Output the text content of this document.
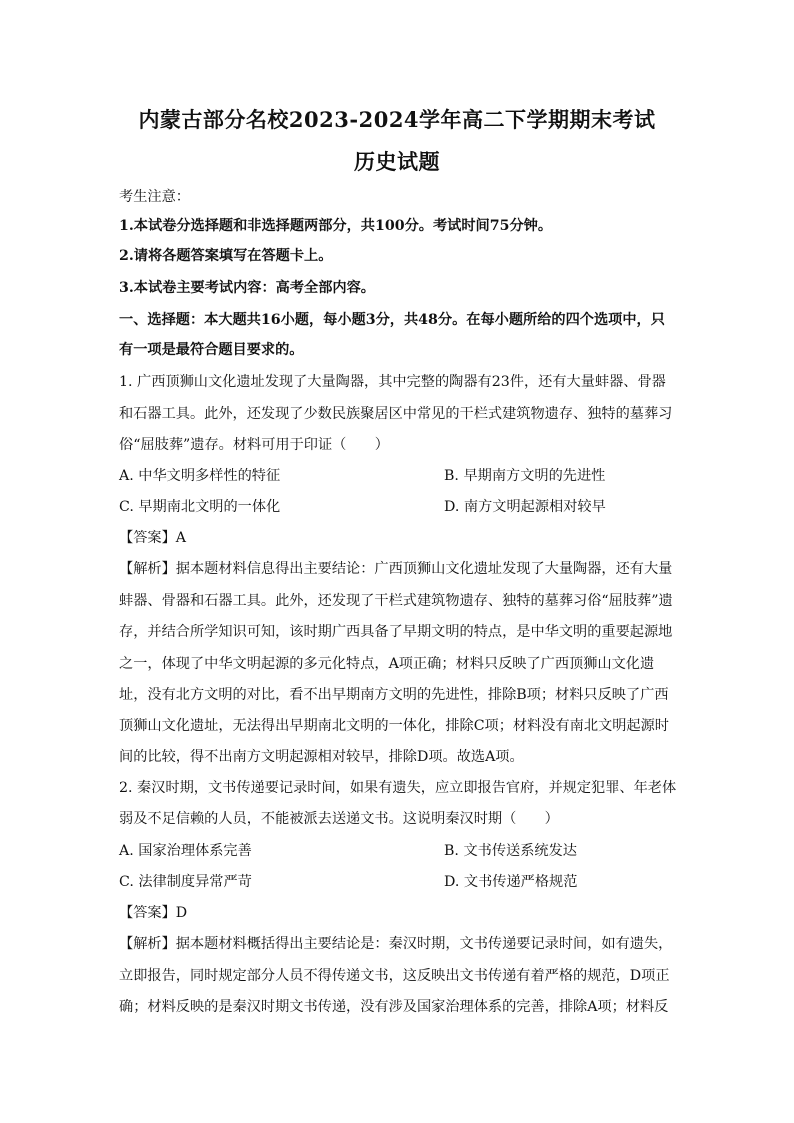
内蒙古部分名校2023-2024学年高二下学期期末考试
历史试题
考生注意：
1.本试卷分选择题和非选择题两部分，共100分。考试时间75分钟。
2.请将各题答案填写在答题卡上。
3.本试卷主要考试内容：高考全部内容。
一、选择题：本大题共16小题，每小题3分，共48分。在每小题所给的四个选项中，只
有一项是最符合题目要求的。
1. 广西顶狮山文化遗址发现了大量陶器，其中完整的陶器有23件，还有大量蚌器、骨器
和石器工具。此外，还发现了少数民族聚居区中常见的干栏式建筑物遗存、独特的墓葬习
俗“屈肢葬”遗存。材料可用于印证（　　）
A. 中华文明多样性的特征	B. 早期南方文明的先进性
C. 早期南北文明的一体化	D. 南方文明起源相对较早
【答案】A
【解析】据本题材料信息得出主要结论：广西顶狮山文化遗址发现了大量陶器，还有大量
蚌器、骨器和石器工具。此外，还发现了干栏式建筑物遗存、独特的墓葬习俗“屈肢葬”遗
存，并结合所学知识可知，该时期广西具备了早期文明的特点，是中华文明的重要起源地
之一，体现了中华文明起源的多元化特点，A项正确；材料只反映了广西顶狮山文化遗
址，没有北方文明的对比，看不出早期南方文明的先进性，排除B项；材料只反映了广西
顶狮山文化遗址，无法得出早期南北文明的一体化，排除C项；材料没有南北文明起源时
间的比较，得不出南方文明起源相对较早，排除D项。故选A项。
2. 秦汉时期，文书传递要记录时间，如果有遗失，应立即报告官府，并规定犯罪、年老体
弱及不足信赖的人员，不能被派去送递文书。这说明秦汉时期（　　）
A. 国家治理体系完善	B. 文书传送系统发达
C. 法律制度异常严苛	D. 文书传递严格规范
【答案】D
【解析】据本题材料概括得出主要结论是：秦汉时期，文书传递要记录时间，如有遗失，
立即报告，同时规定部分人员不得传递文书，这反映出文书传递有着严格的规范，D项正
确；材料反映的是秦汉时期文书传递，没有涉及国家治理体系的完善，排除A项；材料反
